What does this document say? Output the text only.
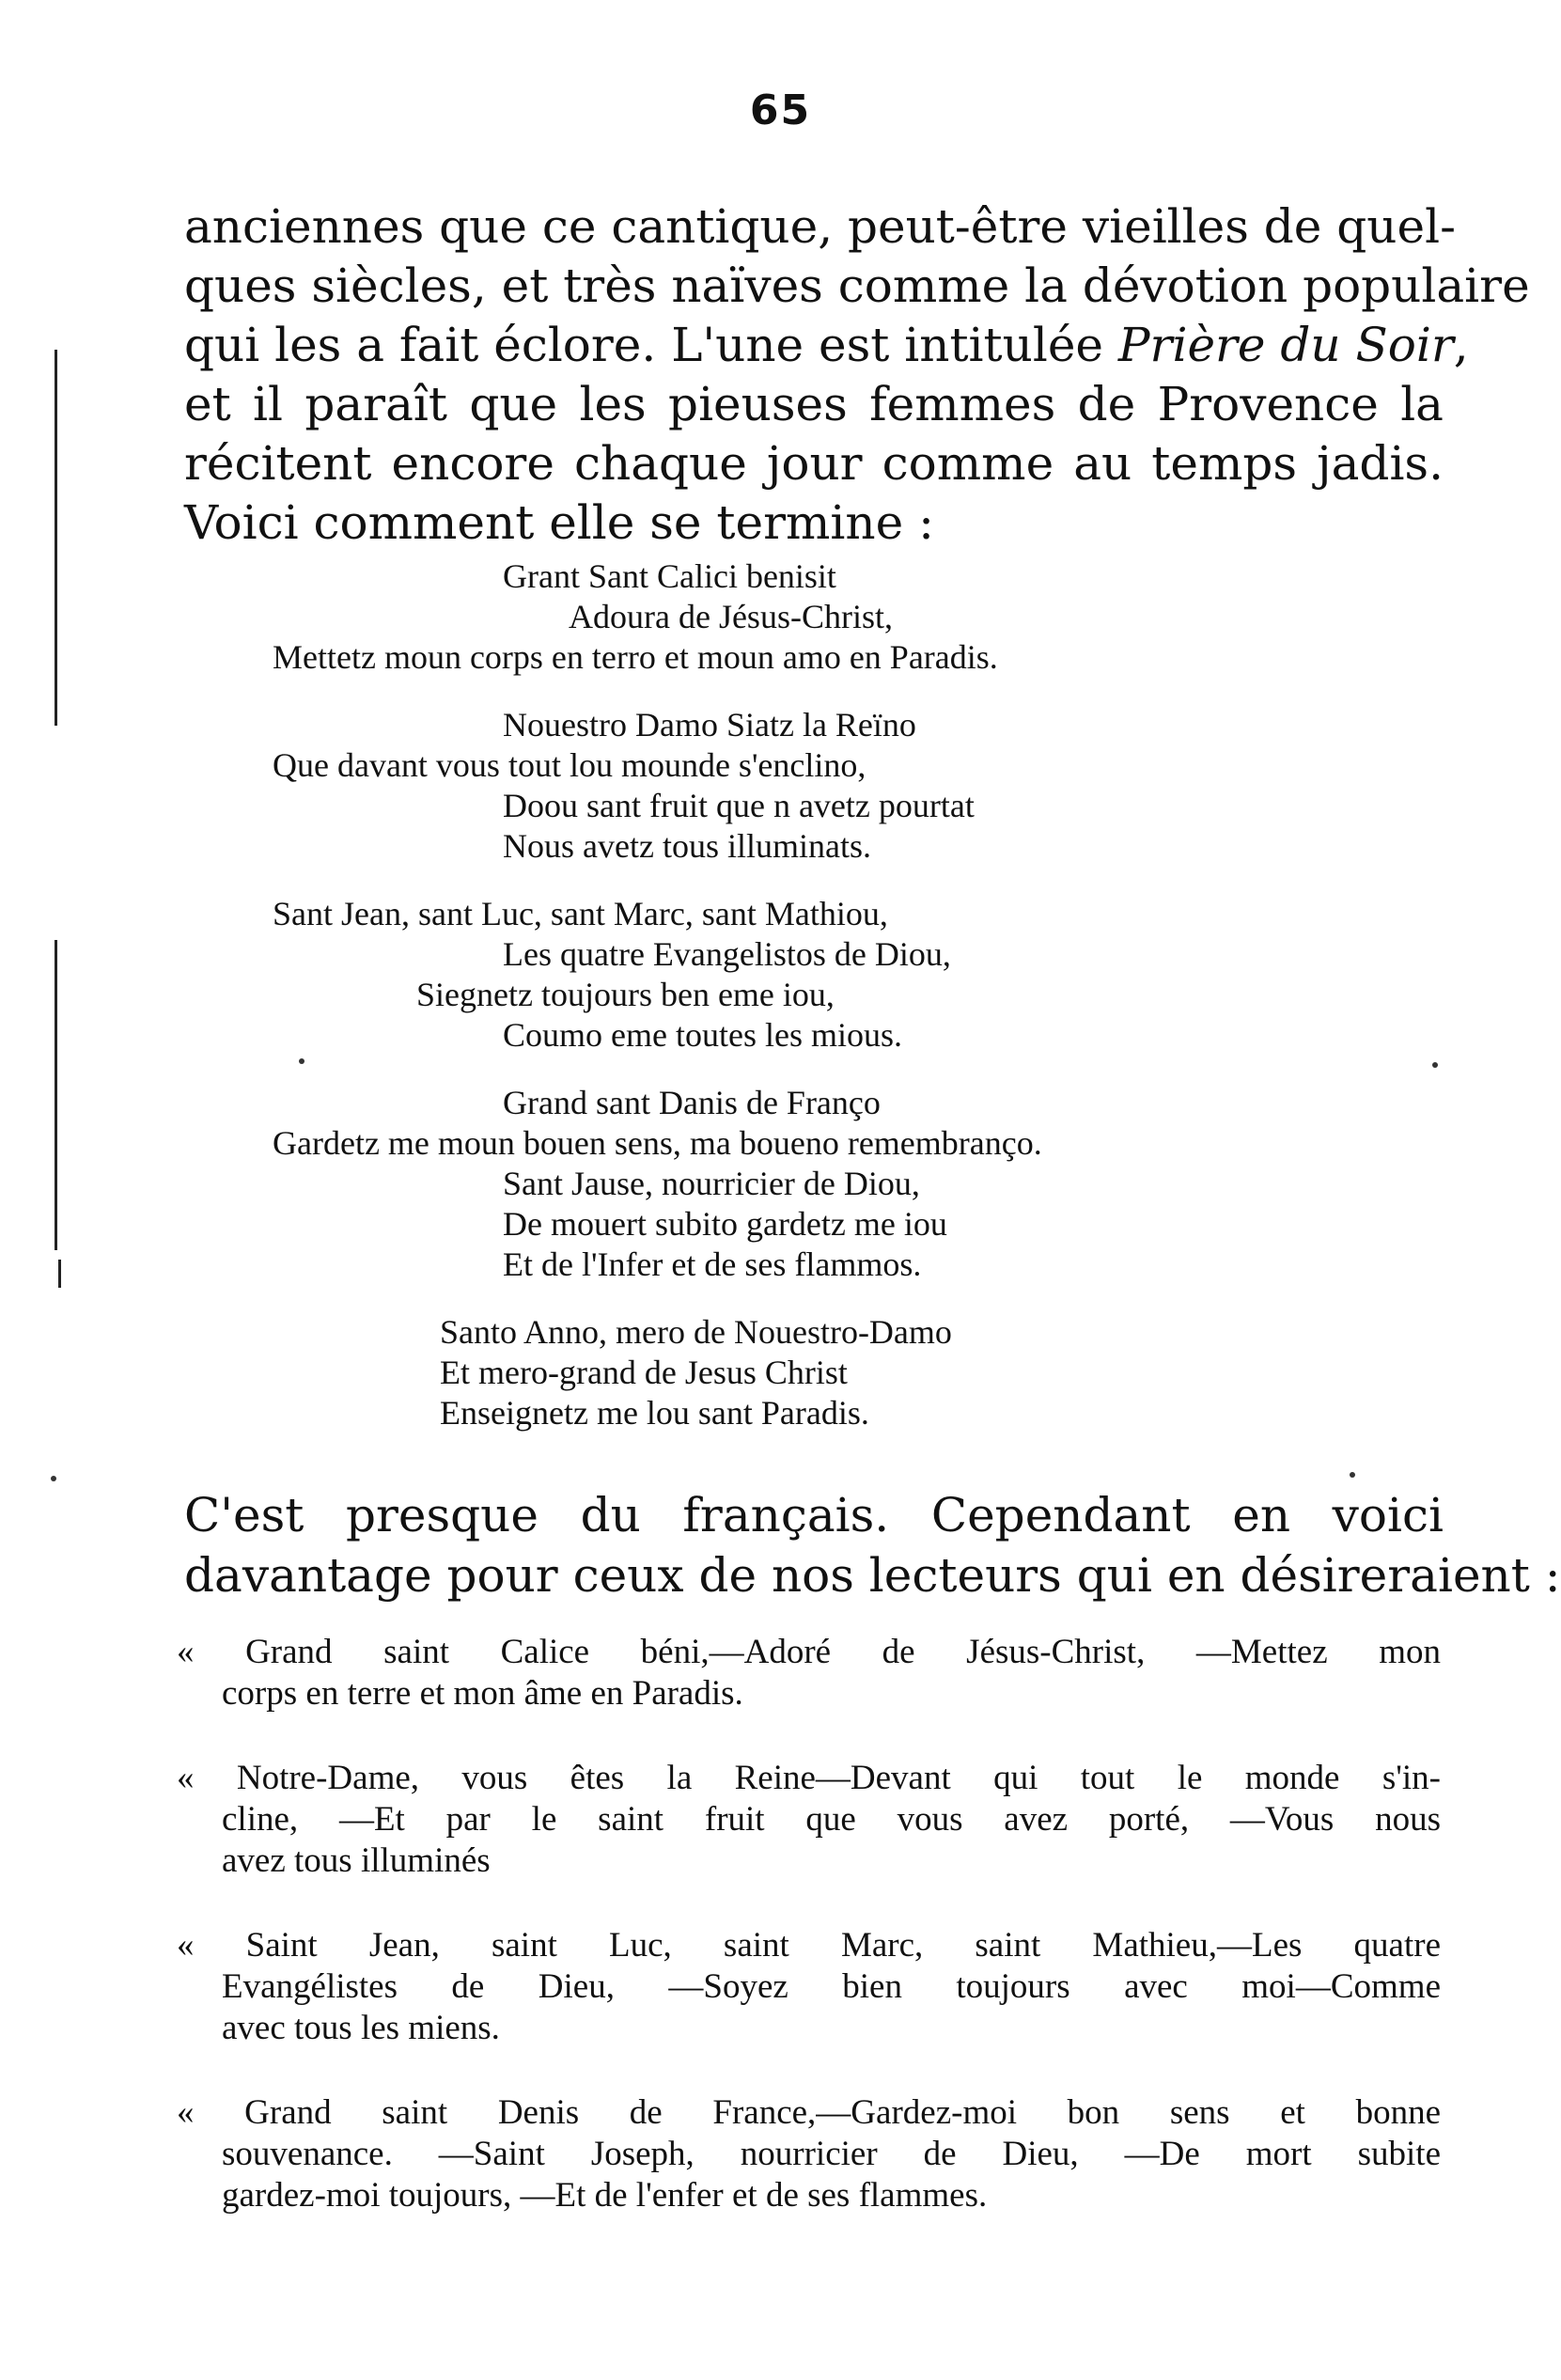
65
anciennes que ce cantique, peut-être vieilles de quel-
ques siècles, et très naïves comme la dévotion populaire
qui les a fait éclore. L'une est intitulée Prière du Soir,
et il paraît que les pieuses femmes de Provence la
récitent encore chaque jour comme au temps jadis.
Voici comment elle se termine :
Grant Sant Calici benisit
Adoura de Jésus-Christ,
Mettetz moun corps en terro et moun amo en Paradis.
Nouestro Damo Siatz la Reïno
Que davant vous tout lou mounde s'enclino,
Doou sant fruit que n avetz pourtat
Nous avetz tous illuminats.
Sant Jean, sant Luc, sant Marc, sant Mathiou,
Les quatre Evangelistos de Diou,
Siegnetz toujours ben eme iou,
Coumo eme toutes les mious.
Grand sant Danis de Franço
Gardetz me moun bouen sens, ma boueno remembranço.
Sant Jause, nourricier de Diou,
De mouert subito gardetz me iou
Et de l'Infer et de ses flammos.
Santo Anno, mero de Nouestro-Damo
Et mero-grand de Jesus Christ
Enseignetz me lou sant Paradis.
C'est presque du français. Cependant en voici
davantage pour ceux de nos lecteurs qui en désireraient :
« Grand saint Calice béni,—Adoré de Jésus-Christ, —Mettez mon
corps en terre et mon âme en Paradis.
« Notre-Dame, vous êtes la Reine—Devant qui tout le monde s'in-
cline, —Et par le saint fruit que vous avez porté, —Vous nous
avez tous illuminés
« Saint Jean, saint Luc, saint Marc, saint Mathieu,—Les quatre
Evangélistes de Dieu, —Soyez bien toujours avec moi—Comme
avec tous les miens.
« Grand saint Denis de France,—Gardez-moi bon sens et bonne
souvenance. —Saint Joseph, nourricier de Dieu, —De mort subite
gardez-moi toujours, —Et de l'enfer et de ses flammes.
